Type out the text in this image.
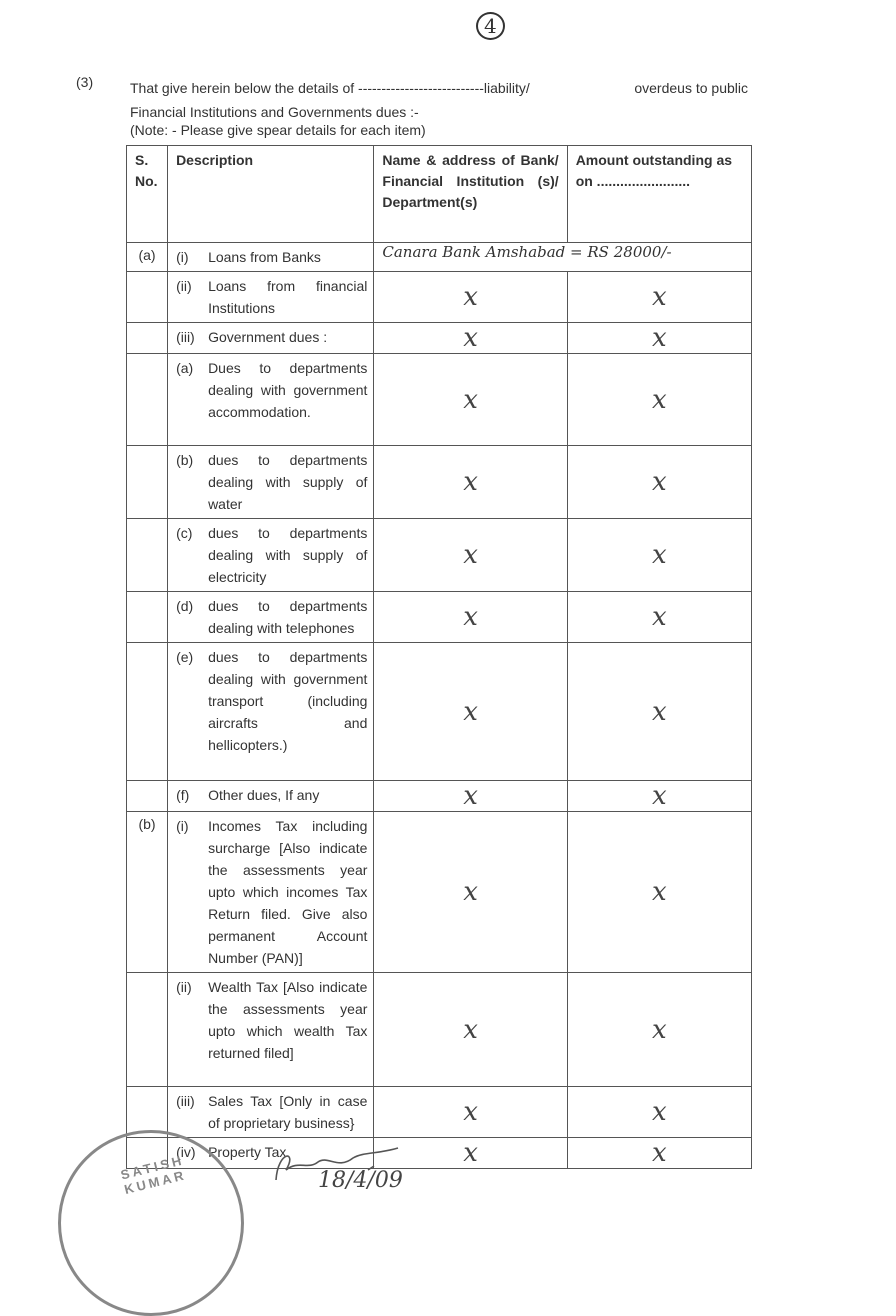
4
(3)	That give herein below the details of ---------------------------liability/	overdeus to public
Financial Institutions and Governments dues :-
(Note: - Please give spear details for each item)
S. No.	Description	Name & address of Bank/ Financial Institution (s)/ Department(s)	Amount outstanding as on ........................
(a)	(i) Loans from Banks	Canara Bank Amshabad = RS 28000/-	

	(ii) Loans from financial Institutions	x	x

	(iii) Government dues :	x	x

	(a) Dues to departments dealing with government accommodation.	x	x

	(b) dues to departments dealing with supply of water	x	x

	(c) dues to departments dealing with supply of electricity	x	x

	(d) dues to departments dealing with telephones	x	x

	(e) dues to departments dealing with government transport (including aircrafts and hellicopters.)	x	x

	(f) Other dues, If any	x	x
(b)	(i) Incomes Tax including surcharge [Also indicate the assessments year upto which incomes Tax Return filed. Give also permanent Account Number (PAN)]	x	x

	(ii) Wealth Tax [Also indicate the assessments year upto which wealth Tax returned filed]	x	x

	(iii) Sales Tax [Only in case of proprietary business}	x	x

	(iv) Property Tax	x	x
SATISH KUMAR	18/4/09
